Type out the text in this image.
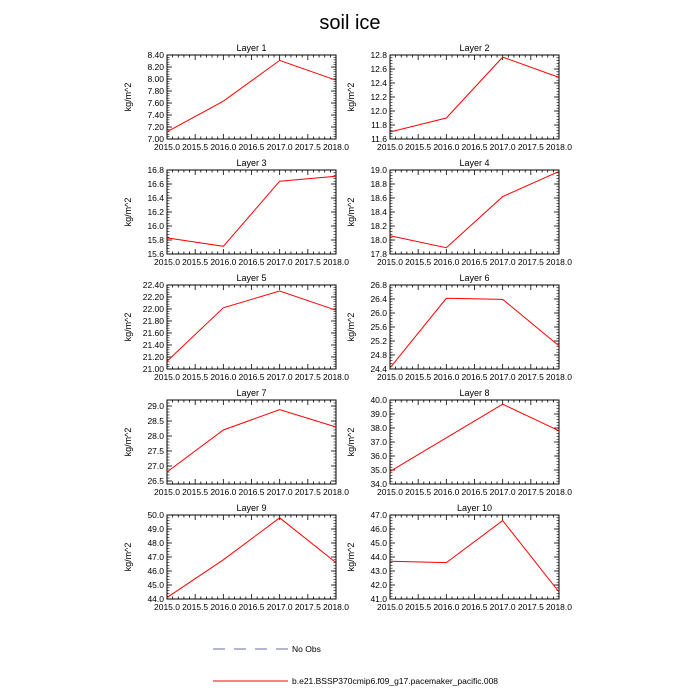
soil ice
Layer 1
2015.0 2015.5 2016.0 2016.5 2017.0 2017.5 2018.0
7.00
7.20
7.40
7.60
7.80
8.00
8.20
8.40
kg/m^2
Layer 2
2015.0 2015.5 2016.0 2016.5 2017.0 2017.5 2018.0
11.6
11.8
12.0
12.2
12.4
12.6
12.8
kg/m^2
Layer 3
2015.0 2015.5 2016.0 2016.5 2017.0 2017.5 2018.0
15.6
15.8
16.0
16.2
16.4
16.6
16.8
kg/m^2
Layer 4
2015.0 2015.5 2016.0 2016.5 2017.0 2017.5 2018.0
17.8
18.0
18.2
18.4
18.6
18.8
19.0
kg/m^2
Layer 5
2015.0 2015.5 2016.0 2016.5 2017.0 2017.5 2018.0
21.00
21.20
21.40
21.60
21.80
22.00
22.20
22.40
kg/m^2
Layer 6
2015.0 2015.5 2016.0 2016.5 2017.0 2017.5 2018.0
24.4
24.8
25.2
25.6
26.0
26.4
26.8
kg/m^2
Layer 7
2015.0 2015.5 2016.0 2016.5 2017.0 2017.5 2018.0
26.5
27.0
27.5
28.0
28.5
29.0
kg/m^2
Layer 8
2015.0 2015.5 2016.0 2016.5 2017.0 2017.5 2018.0
34.0
35.0
36.0
37.0
38.0
39.0
40.0
kg/m^2
Layer 9
2015.0 2015.5 2016.0 2016.5 2017.0 2017.5 2018.0
44.0
45.0
46.0
47.0
48.0
49.0
50.0
kg/m^2
Layer 10
2015.0 2015.5 2016.0 2016.5 2017.0 2017.5 2018.0
41.0
42.0
43.0
44.0
45.0
46.0
47.0
kg/m^2
No Obs
b.e21.BSSP370cmip6.f09_g17.pacemaker_pacific.008
